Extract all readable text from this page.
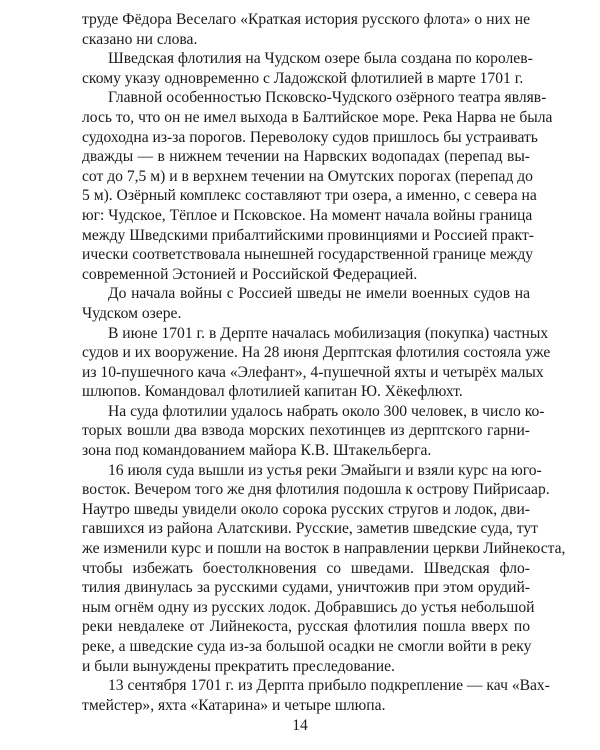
труде Фёдора Веселаго «Краткая история русского флота» о них не
сказано ни слова.
Шведская флотилия на Чудском озере была создана по королев-
скому указу одновременно с Ладожской флотилией в марте 1701 г.
Главной особенностью Псковско-Чудского озёрного театра являв-
лось то, что он не имел выхода в Балтийское море. Река Нарва не была
судоходна из-за порогов. Переволоку судов пришлось бы устраивать
дважды — в нижнем течении на Нарвских водопадах (перепад вы-
сот до 7,5 м) и в верхнем течении на Омутских порогах (перепад до
5 м). Озёрный комплекс составляют три озера, а именно, с севера на
юг: Чудское, Тёплое и Псковское. На момент начала войны граница
между Шведскими прибалтийскими провинциями и Россией практ-
ически соответствовала нынешней государственной границе между
современной Эстонией и Российской Федерацией.
До начала войны с Россией шведы не имели военных судов на
Чудском озере.
В июне 1701 г. в Дерпте началась мобилизация (покупка) частных
судов и их вооружение. На 28 июня Дерптская флотилия состояла уже
из 10-пушечного кача «Элефант», 4-пушечной яхты и четырёх малых
шлюпов. Командовал флотилией капитан Ю. Хёкефлюхт.
На суда флотилии удалось набрать около 300 человек, в число ко-
торых вошли два взвода морских пехотинцев из дерптского гарни-
зона под командованием майора К.В. Штакельберга.
16 июля суда вышли из устья реки Эмайыги и взяли курс на юго-
восток. Вечером того же дня флотилия подошла к острову Пийрисаар.
Наутро шведы увидели около сорока русских стругов и лодок, дви-
гавшихся из района Алатскиви. Русские, заметив шведские суда, тут
же изменили курс и пошли на восток в направлении церкви Лийнекоста,
чтобы избежать боестолкновения со шведами. Шведская фло-
тилия двинулась за русскими судами, уничтожив при этом орудий-
ным огнём одну из русских лодок. Добравшись до устья небольшой
реки невдалеке от Лийнекоста, русская флотилия пошла вверх по
реке, а шведские суда из-за большой осадки не смогли войти в реку
и были вынуждены прекратить преследование.
13 сентября 1701 г. из Дерпта прибыло подкрепление — кач «Вах-
тмейстер», яхта «Катарина» и четыре шлюпа.
14
